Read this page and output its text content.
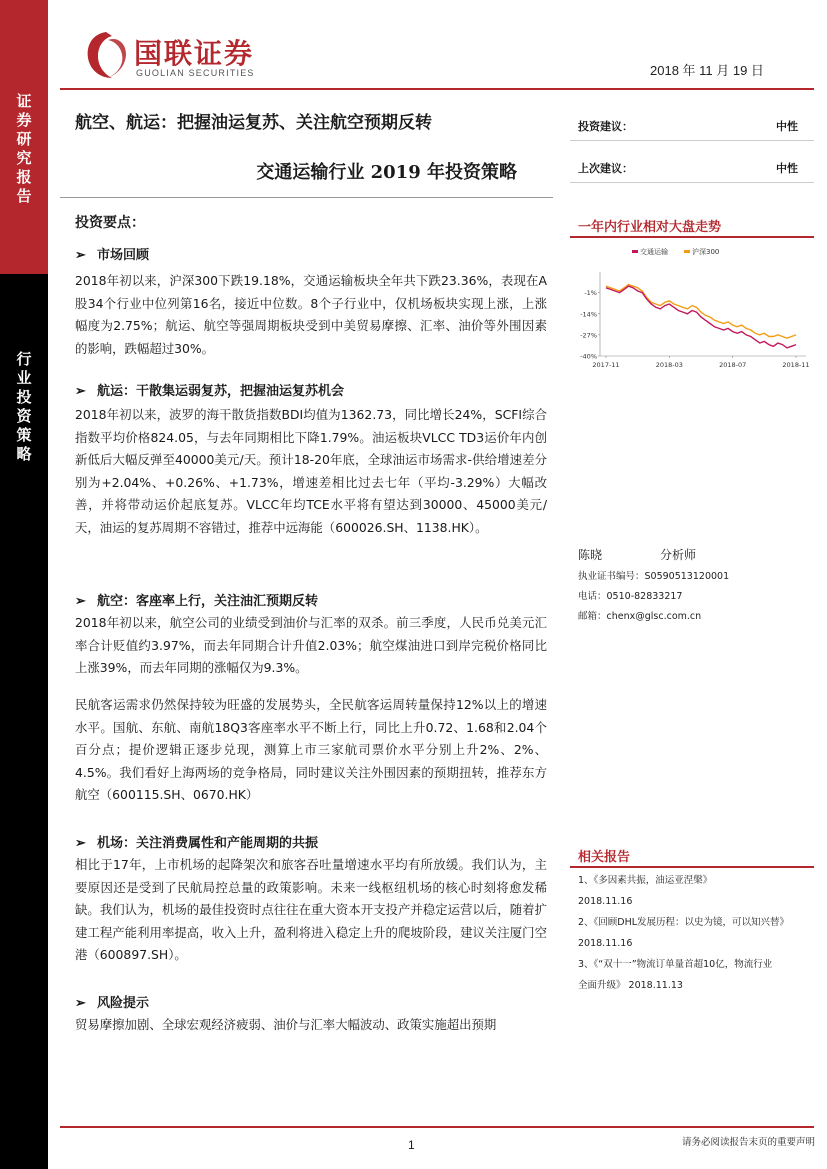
证
券
研
究
报
告
行
业
投
资
策
略
国联证券
GUOLIAN SECURITIES	2018 年 11 月 19 日
航空、航运：把握油运复苏、关注航空预期反转
交通运输行业 2019 年投资策略
投资建议：	中性
上次建议：	中性
投资要点：
➢ 市场回顾
2018年初以来，沪深300下跌19.18%，交通运输板块全年共下跌23.36%，表现在A股34个行业中位列第16名，接近中位数。8个子行业中，仅机场板块实现上涨，上涨幅度为2.75%；航运、航空等强周期板块受到中美贸易摩擦、汇率、油价等外围因素的影响，跌幅超过30%。
➢ 航运：干散集运弱复苏，把握油运复苏机会
2018年初以来，波罗的海干散货指数BDI均值为1362.73，同比增长24%，SCFI综合指数平均价格824.05，与去年同期相比下降1.79%。油运板块VLCC TD3运价年内创新低后大幅反弹至40000美元/天。预计18-20年底，全球油运市场需求-供给增速差分别为+2.04%、+0.26%、+1.73%，增速差相比过去七年（平均-3.29%）大幅改善，并将带动运价起底复苏。VLCC年均TCE水平将有望达到30000、45000美元/天，油运的复苏周期不容错过，推荐中远海能（600026.SH、1138.HK）。
➢ 航空：客座率上行，关注油汇预期反转
2018年初以来，航空公司的业绩受到油价与汇率的双杀。前三季度，人民币兑美元汇率合计贬值约3.97%，而去年同期合计升值2.03%；航空煤油进口到岸完税价格同比上涨39%，而去年同期的涨幅仅为9.3%。
民航客运需求仍然保持较为旺盛的发展势头，全民航客运周转量保持12%以上的增速水平。国航、东航、南航18Q3客座率水平不断上行，同比上升0.72、1.68和2.04个百分点；提价逻辑正逐步兑现，测算上市三家航司票价水平分别上升2%、2%、4.5%。我们看好上海两场的竞争格局，同时建议关注外围因素的预期扭转，推荐东方航空（600115.SH、0670.HK）
➢ 机场：关注消费属性和产能周期的共振
相比于17年，上市机场的起降架次和旅客吞吐量增速水平均有所放缓。我们认为，主要原因还是受到了民航局控总量的政策影响。未来一线枢纽机场的核心时刻将愈发稀缺。我们认为，机场的最佳投资时点往往在重大资本开支投产并稳定运营以后，随着扩建工程产能利用率提高，收入上升，盈利将进入稳定上升的爬坡阶段，建议关注厦门空港（600897.SH）。
➢ 风险提示
贸易摩擦加剧、全球宏观经济疲弱、油价与汇率大幅波动、政策实施超出预期
一年内行业相对大盘走势
交通运输	沪深300
-1%
-14%
-27%
-40%
2017-11	2018-03	2018-07	2018-11
陈晓	分析师
执业证书编号：S0590513120001
电话：0510-82833217
邮箱：chenx@glsc.com.cn
相关报告
1、《多因素共振，油运亚涅槃》
2018.11.16
2、《回顾DHL发展历程：以史为镜，可以知兴替》
2018.11.16
3、《“双十一”物流订单量首超10亿，物流行业
全面升级》 2018.11.13
1	请务必阅读报告末页的重要声明
